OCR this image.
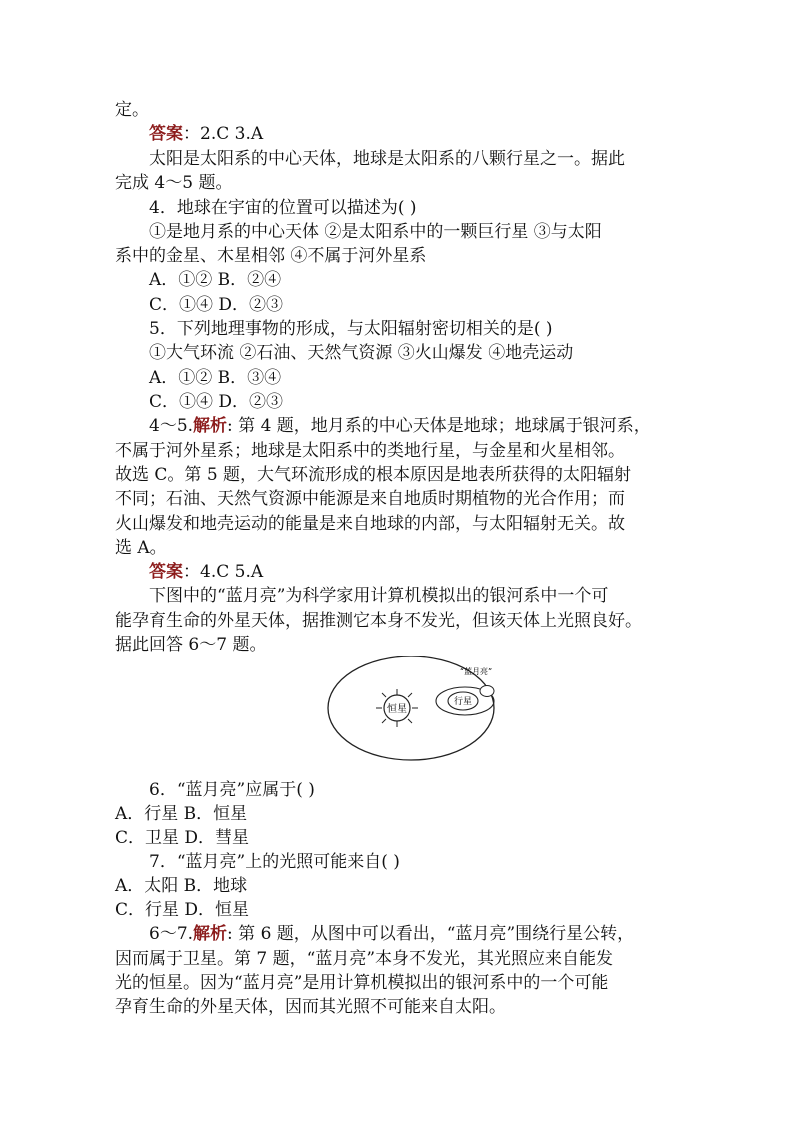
定。
答案：2.C 3.A
太阳是太阳系的中心天体，地球是太阳系的八颗行星之一。据此
完成 4～5 题。
4．地球在宇宙的位置可以描述为( )
①是地月系的中心天体 ②是太阳系中的一颗巨行星 ③与太阳
系中的金星、木星相邻 ④不属于河外星系
A．①② B．②④
C．①④ D．②③
5．下列地理事物的形成，与太阳辐射密切相关的是( )
①大气环流 ②石油、天然气资源 ③火山爆发 ④地壳运动
A．①② B．③④
C．①④ D．②③
4～5.解析: 第 4 题，地月系的中心天体是地球；地球属于银河系，
不属于河外星系；地球是太阳系中的类地行星，与金星和火星相邻。
故选 C。第 5 题，大气环流形成的根本原因是地表所获得的太阳辐射
不同；石油、天然气资源中能源是来自地质时期植物的光合作用；而
火山爆发和地壳运动的能量是来自地球的内部，与太阳辐射无关。故
选 A。
答案：4.C 5.A
下图中的“蓝月亮”为科学家用计算机模拟出的银河系中一个可
能孕育生命的外星天体，据推测它本身不发光，但该天体上光照良好。
据此回答 6～7 题。
恒星
行星
“蓝月亮”
6．“蓝月亮”应属于( )
A．行星 B．恒星
C．卫星 D．彗星
7．“蓝月亮”上的光照可能来自( )
A．太阳 B．地球
C．行星 D．恒星
6～7.解析: 第 6 题，从图中可以看出，“蓝月亮”围绕行星公转，
因而属于卫星。第 7 题，“蓝月亮”本身不发光，其光照应来自能发
光的恒星。因为“蓝月亮”是用计算机模拟出的银河系中的一个可能
孕育生命的外星天体，因而其光照不可能来自太阳。
